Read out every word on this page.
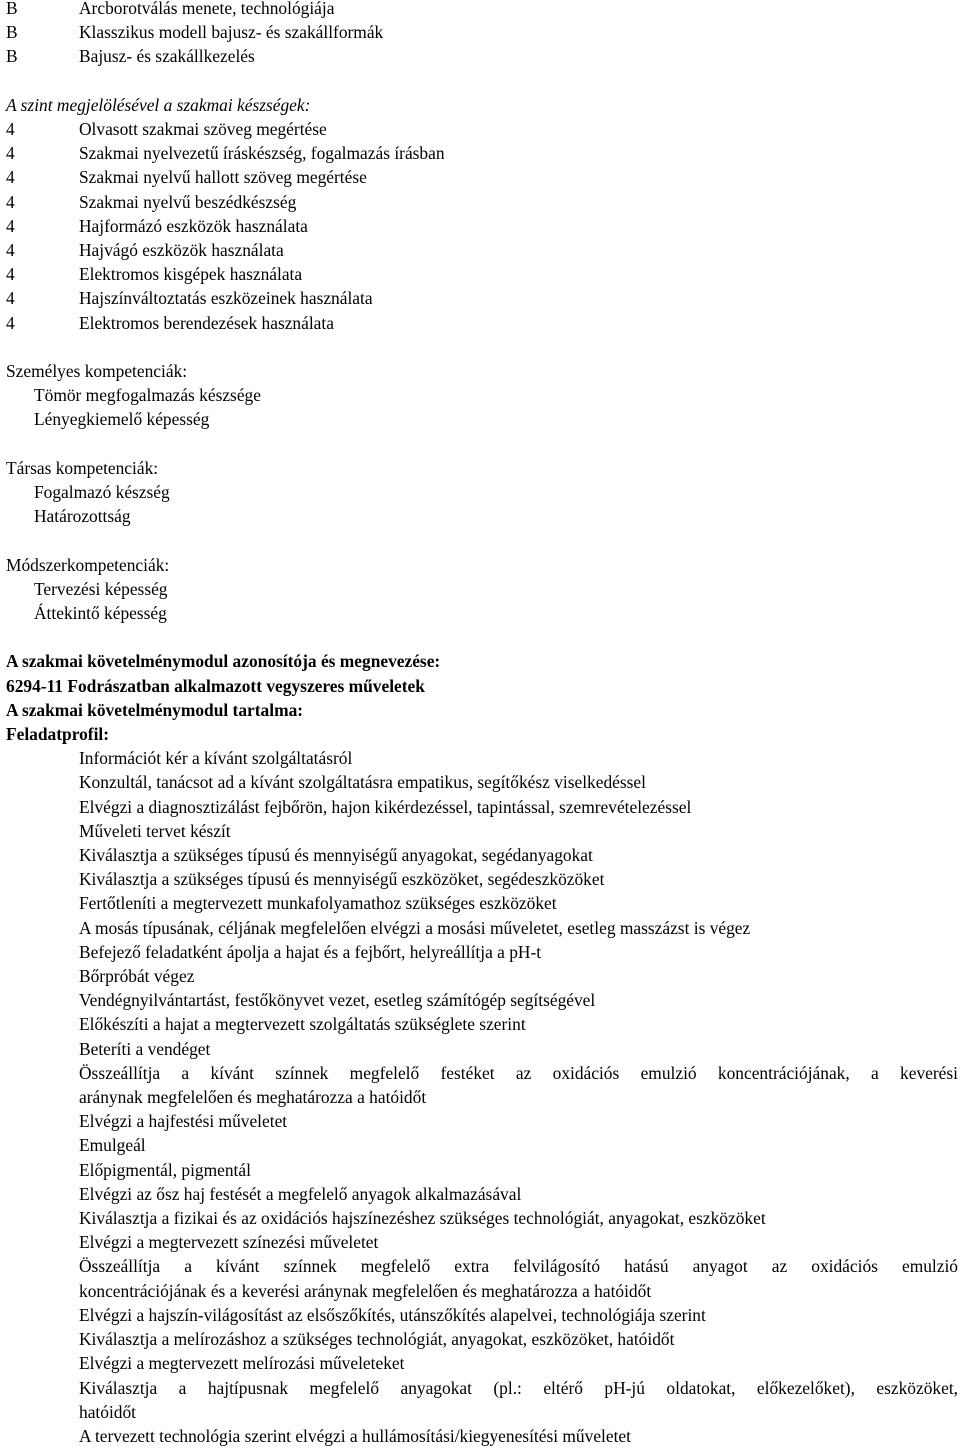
B	Arcborotválás menete, technológiája
B	Klasszikus modell bajusz- és szakállformák
B	Bajusz- és szakállkezelés
A szint megjelölésével a szakmai készségek:
4	Olvasott szakmai szöveg megértése
4	Szakmai nyelvezetű íráskészség, fogalmazás írásban
4	Szakmai nyelvű hallott szöveg megértése
4	Szakmai nyelvű beszédkészség
4	Hajformázó eszközök használata
4	Hajvágó eszközök használata
4	Elektromos kisgépek használata
4	Hajszínváltoztatás eszközeinek használata
4	Elektromos berendezések használata
Személyes kompetenciák:
Tömör megfogalmazás készsége
Lényegkiemelő képesség
Társas kompetenciák:
Fogalmazó készség
Határozottság
Módszerkompetenciák:
Tervezési képesség
Áttekintő képesség
A szakmai követelménymodul azonosítója és megnevezése:
6294-11 Fodrászatban alkalmazott vegyszeres műveletek
A szakmai követelménymodul tartalma:
Feladatprofil:
Információt kér a kívánt szolgáltatásról
Konzultál, tanácsot ad a kívánt szolgáltatásra empatikus, segítőkész viselkedéssel
Elvégzi a diagnosztizálást fejbőrön, hajon kikérdezéssel, tapintással, szemrevételezéssel
Műveleti tervet készít
Kiválasztja a szükséges típusú és mennyiségű anyagokat, segédanyagokat
Kiválasztja a szükséges típusú és mennyiségű eszközöket, segédeszközöket
Fertőtleníti a megtervezett munkafolyamathoz szükséges eszközöket
A mosás típusának, céljának megfelelően elvégzi a mosási műveletet, esetleg masszázst is végez
Befejező feladatként ápolja a hajat és a fejbőrt, helyreállítja a pH-t
Bőrpróbát végez
Vendégnyilvántartást, festőkönyvet vezet, esetleg számítógép segítségével
Előkészíti a hajat a megtervezett szolgáltatás szükséglete szerint
Beteríti a vendéget
Összeállítja a kívánt színnek megfelelő festéket az oxidációs emulzió koncentrációjának, a keverési
aránynak megfelelően és meghatározza a hatóidőt
Elvégzi a hajfestési műveletet
Emulgeál
Előpigmentál, pigmentál
Elvégzi az ősz haj festését a megfelelő anyagok alkalmazásával
Kiválasztja a fizikai és az oxidációs hajszínezéshez szükséges technológiát, anyagokat, eszközöket
Elvégzi a megtervezett színezési műveletet
Összeállítja a kívánt színnek megfelelő extra felvilágosító hatású anyagot az oxidációs emulzió
koncentrációjának és a keverési aránynak megfelelően és meghatározza a hatóidőt
Elvégzi a hajszín-világosítást az elsőszőkítés, utánszőkítés alapelvei, technológiája szerint
Kiválasztja a melírozáshoz a szükséges technológiát, anyagokat, eszközöket, hatóidőt
Elvégzi a megtervezett melírozási műveleteket
Kiválasztja a hajtípusnak megfelelő anyagokat (pl.: eltérő pH-jú oldatokat, előkezelőket), eszközöket,
hatóidőt
A tervezett technológia szerint elvégzi a hullámosítási/kiegyenesítési műveletet
